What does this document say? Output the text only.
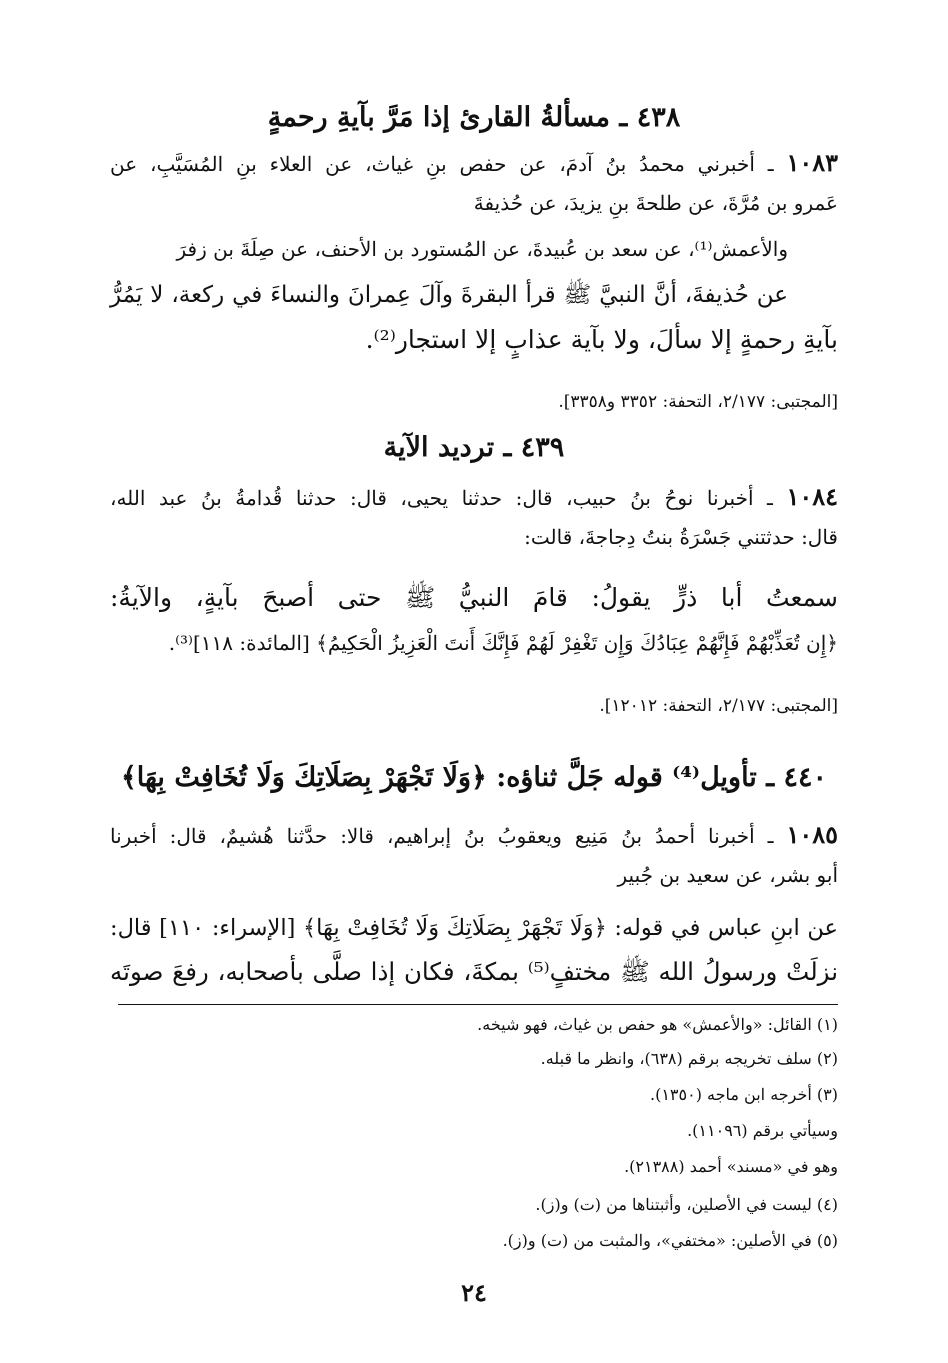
٤٣٨ ـ مسألةُ القارئ إذا مَرَّ بآيةِ رحمةٍ
١٠٨٣ ـ أخبرني محمدُ بنُ آدمَ، عن حفص بنِ غياث، عن العلاء بنِ المُسَيَّبِ، عن
عَمرو بن مُرَّةَ، عن طلحةَ بنِ يزيدَ، عن حُذيفةَ
والأعمش⁽¹⁾، عن سعد بن عُبيدةَ، عن المُستورد بن الأحنف، عن صِلَةَ بن زفرَ
عن حُذيفةَ، أنَّ النبيَّ ﷺ قرأ البقرةَ وآلَ عِمرانَ والنساءَ في ركعة، لا يَمُرُّ
بآيةِ رحمةٍ إلا سألَ، ولا بآية عذابٍ إلا استجار⁽²⁾.
[المجتبى: ٢/١٧٧، التحفة: ٣٣٥٢ و٣٣٥٨].
٤٣٩ ـ ترديد الآية
١٠٨٤ ـ أخبرنا نوحُ بنُ حبيب، قال: حدثنا يحيى، قال: حدثنا قُدامةُ بنُ عبد الله،
قال: حدثتني جَسْرَةُ بنتُ دِجاجةَ، قالت:
سمعتُ أبا ذرٍّ يقولُ: قامَ النبيُّ ﷺ حتى أصبحَ بآيةٍ، والآيةُ:
﴿إِن تُعَذِّبْهُمْ فَإِنَّهُمْ عِبَادُكَ وَإِن تَغْفِرْ لَهُمْ فَإِنَّكَ أَنتَ الْعَزِيزُ الْحَكِيمُ﴾ [المائدة: ١١٨]⁽³⁾.
[المجتبى: ٢/١٧٧، التحفة: ١٢٠١٢].
٤٤٠ ـ تأويل⁽⁴⁾ قوله جَلَّ ثناؤه: ﴿وَلَا تَجْهَرْ بِصَلَاتِكَ وَلَا تُخَافِتْ بِهَا﴾
١٠٨٥ ـ أخبرنا أحمدُ بنُ مَنِيع ويعقوبُ بنُ إبراهيم، قالا: حدَّثنا هُشيمٌ، قال: أخبرنا
أبو بشر، عن سعيد بن جُبير
عن ابنِ عباس في قوله: ﴿وَلَا تَجْهَرْ بِصَلَاتِكَ وَلَا تُخَافِتْ بِهَا﴾ [الإسراء: ١١٠] قال:
نزلَتْ ورسولُ الله ﷺ مختفٍ⁽⁵⁾ بمكةَ، فكان إذا صلَّى بأصحابه، رفعَ صوتَه
(١) القائل: «والأعمش» هو حفص بن غياث، فهو شيخه.
(٢) سلف تخريجه برقم (٦٣٨)، وانظر ما قبله.
(٣) أخرجه ابن ماجه (١٣٥٠).
وسيأتي برقم (١١٠٩٦).
وهو في «مسند» أحمد (٢١٣٨٨).
(٤) ليست في الأصلين، وأثبتناها من (ت) و(ز).
(٥) في الأصلين: «مختفي»، والمثبت من (ت) و(ز).
٢٤
